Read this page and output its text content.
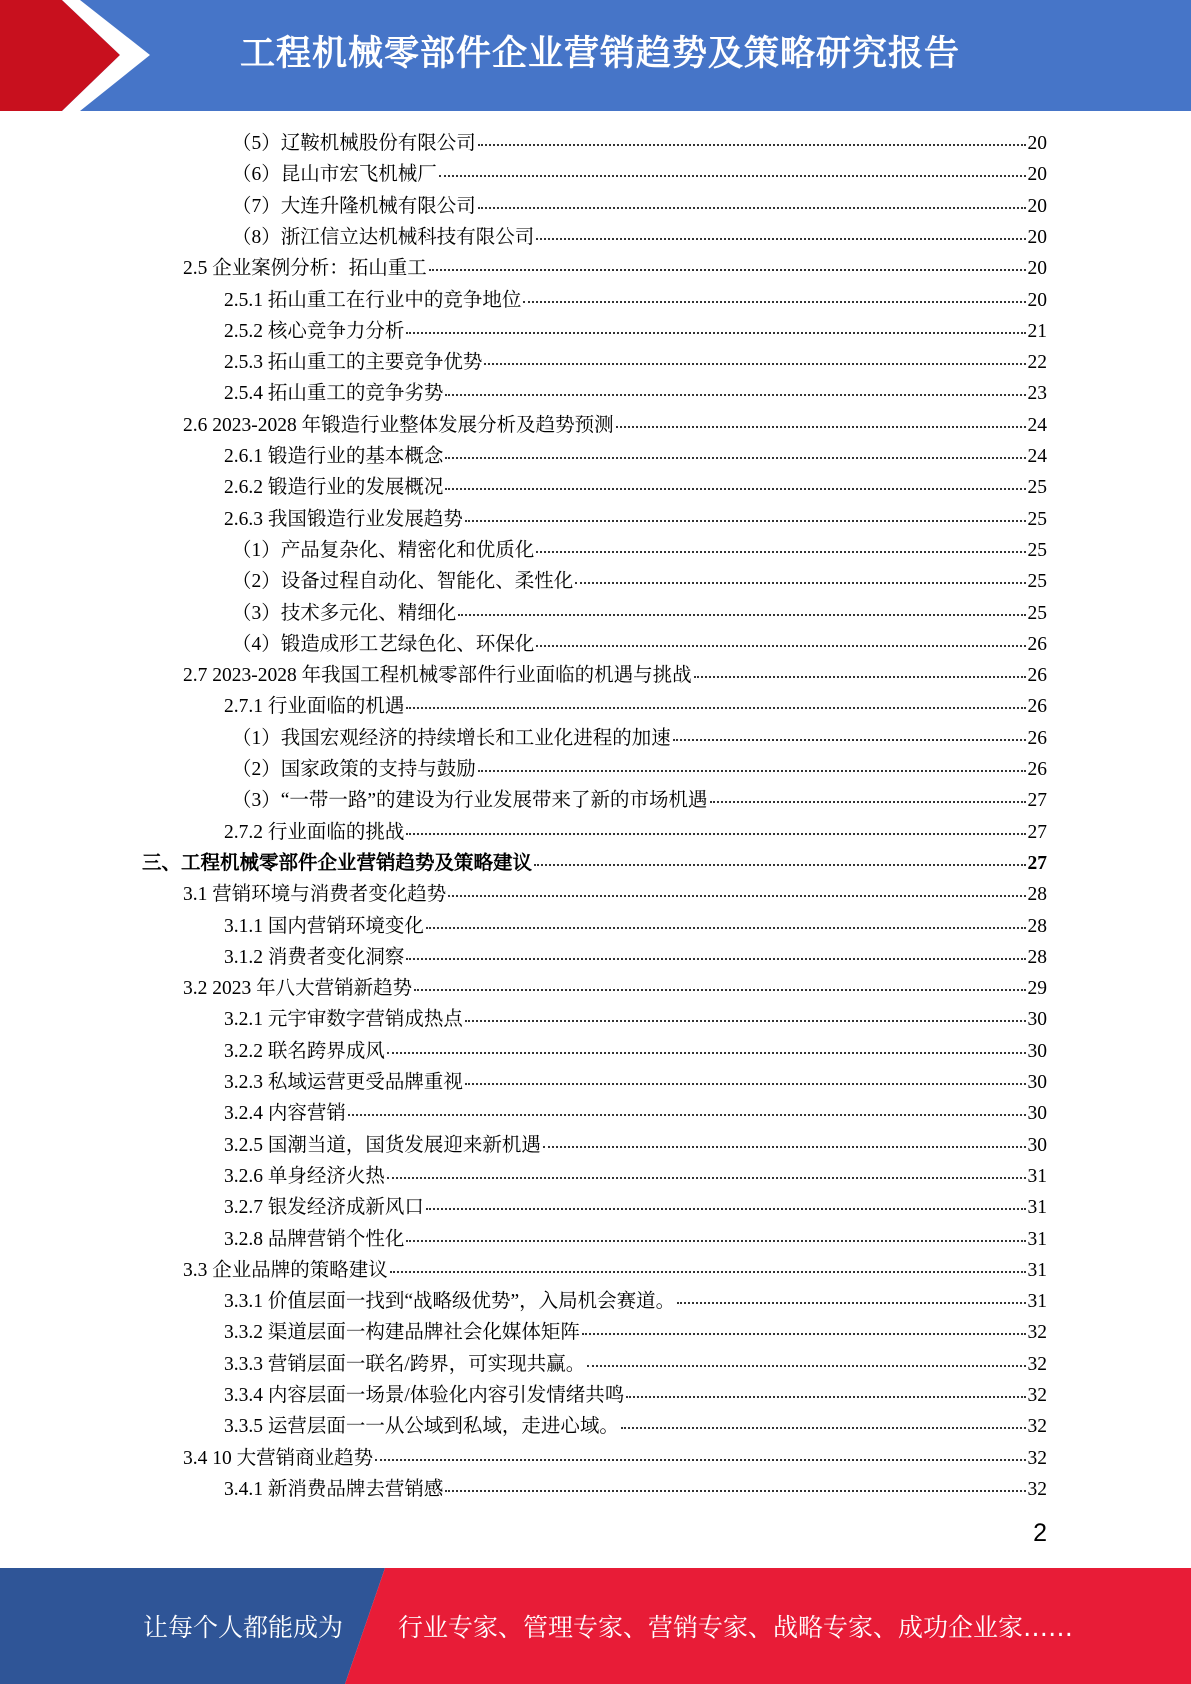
工程机械零部件企业营销趋势及策略研究报告
（5）辽鞍机械股份有限公司	20
（6）昆山市宏飞机械厂	20
（7）大连升隆机械有限公司	20
（8）浙江信立达机械科技有限公司	20
2.5 企业案例分析：拓山重工	20
2.5.1 拓山重工在行业中的竞争地位	20
2.5.2 核心竞争力分析	21
2.5.3 拓山重工的主要竞争优势	22
2.5.4 拓山重工的竞争劣势	23
2.6 2023-2028 年锻造行业整体发展分析及趋势预测	24
2.6.1 锻造行业的基本概念	24
2.6.2 锻造行业的发展概况	25
2.6.3 我国锻造行业发展趋势	25
（1）产品复杂化、精密化和优质化	25
（2）设备过程自动化、智能化、柔性化	25
（3）技术多元化、精细化	25
（4）锻造成形工艺绿色化、环保化	26
2.7 2023-2028 年我国工程机械零部件行业面临的机遇与挑战	26
2.7.1 行业面临的机遇	26
（1）我国宏观经济的持续增长和工业化进程的加速	26
（2）国家政策的支持与鼓励	26
（3）“一带一路”的建设为行业发展带来了新的市场机遇	27
2.7.2 行业面临的挑战	27
三、工程机械零部件企业营销趋势及策略建议	27
3.1 营销环境与消费者变化趋势	28
3.1.1 国内营销环境变化	28
3.1.2 消费者变化洞察	28
3.2 2023 年八大营销新趋势	29
3.2.1 元宇审数字营销成热点	30
3.2.2 联名跨界成风	30
3.2.3 私域运营更受品牌重视	30
3.2.4 内容营销	30
3.2.5 国潮当道，国货发展迎来新机遇	30
3.2.6 单身经济火热	31
3.2.7 银发经济成新风口	31
3.2.8 品牌营销个性化	31
3.3 企业品牌的策略建议	31
3.3.1 价值层面一找到“战略级优势”，入局机会赛道。	31
3.3.2 渠道层面一构建品牌社会化媒体矩阵	32
3.3.3 营销层面一联名/跨界，可实现共赢。	32
3.3.4 内容层面一场景/体验化内容引发情绪共鸣	32
3.3.5 运营层面一一从公域到私域，走进心域。	32
3.4 10 大营销商业趋势	32
3.4.1 新消费品牌去营销感	32
2
让每个人都能成为 行业专家、管理专家、营销专家、战略专家、成功企业家……
